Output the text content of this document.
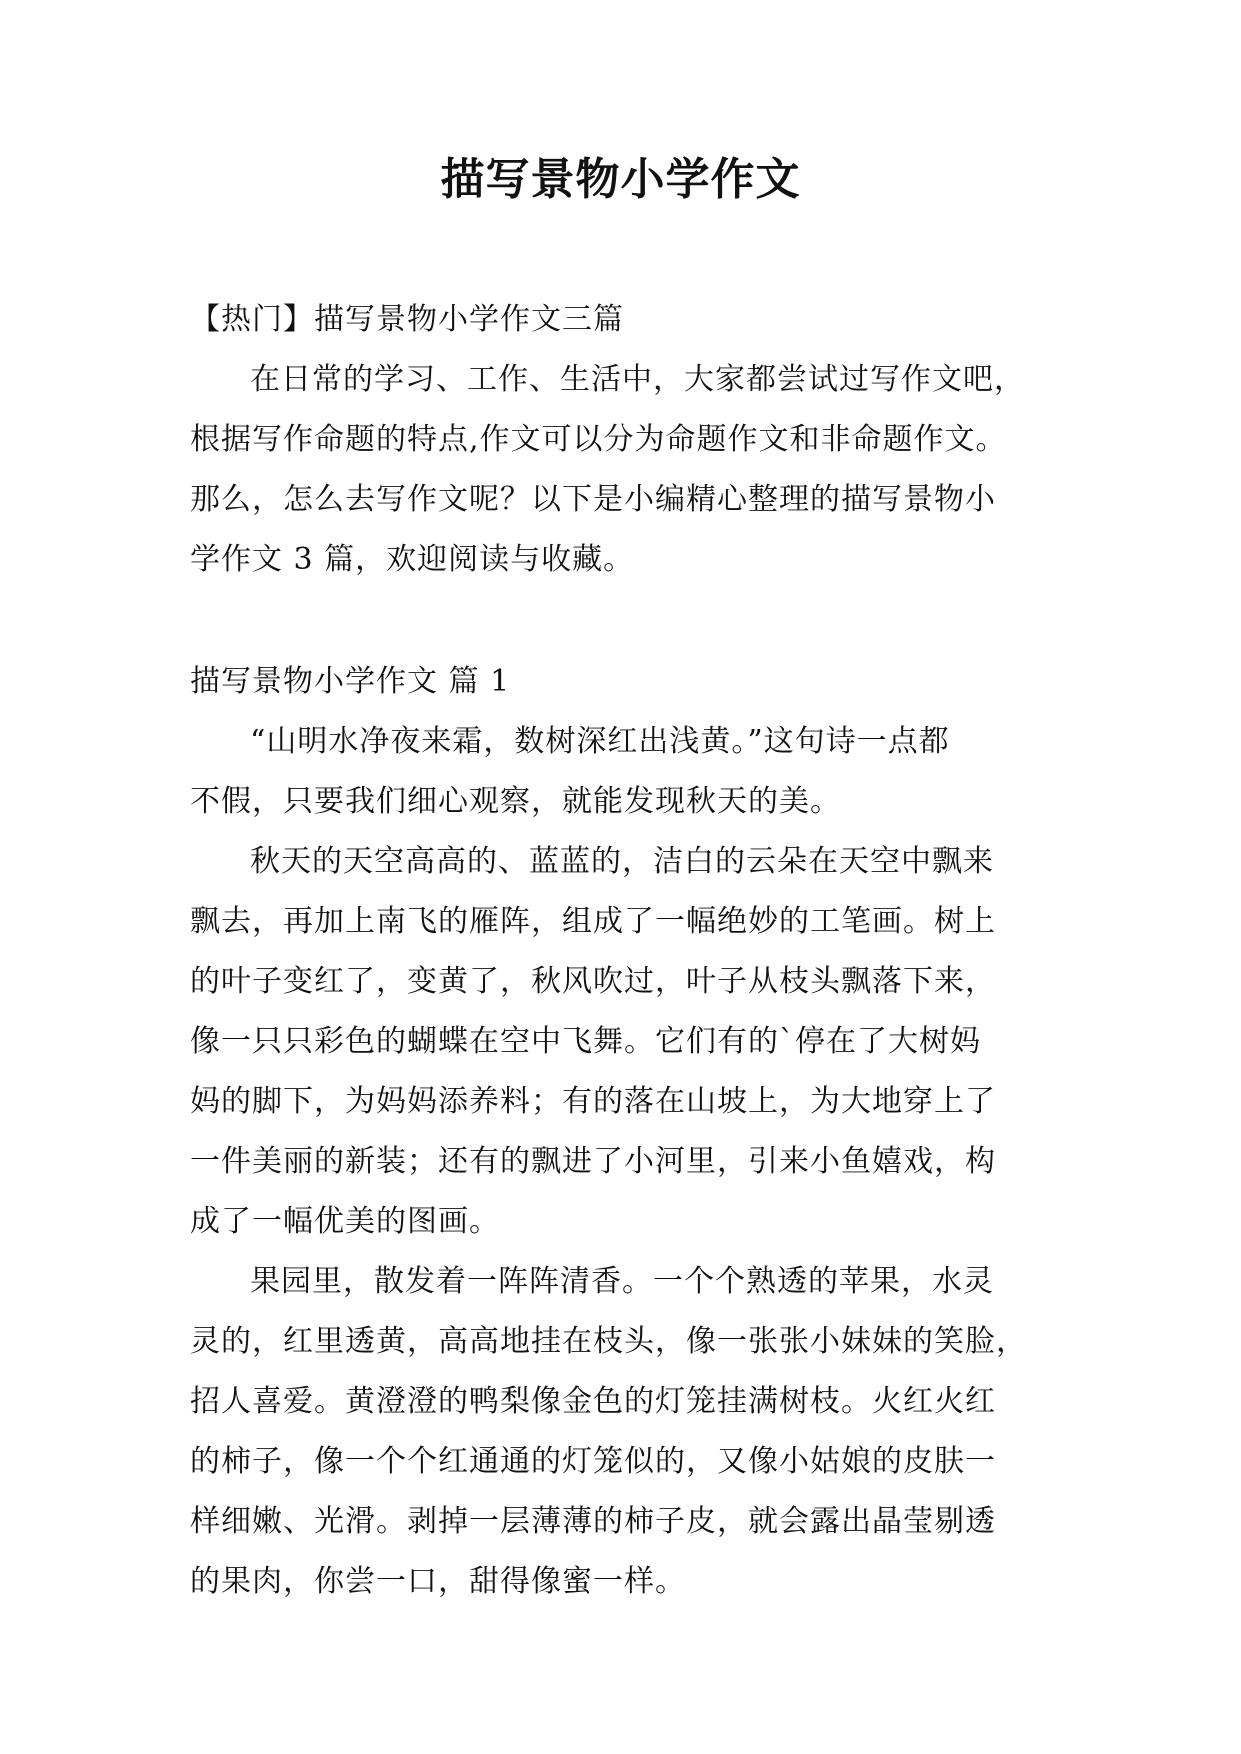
描写景物小学作文
【热门】描写景物小学作文三篇
在日常的学习、工作、生活中，大家都尝试过写作文吧，
根据写作命题的特点,作文可以分为命题作文和非命题作文。
那么，怎么去写作文呢？以下是小编精心整理的描写景物小
学作文 3 篇，欢迎阅读与收藏。
描写景物小学作文 篇 1
“山明水净夜来霜，数树深红出浅黄。”这句诗一点都
不假，只要我们细心观察，就能发现秋天的美。
秋天的天空高高的、蓝蓝的，洁白的云朵在天空中飘来
飘去，再加上南飞的雁阵，组成了一幅绝妙的工笔画。树上
的叶子变红了，变黄了，秋风吹过，叶子从枝头飘落下来，
像一只只彩色的蝴蝶在空中飞舞。它们有的`停在了大树妈
妈的脚下，为妈妈添养料；有的落在山坡上，为大地穿上了
一件美丽的新装；还有的飘进了小河里，引来小鱼嬉戏，构
成了一幅优美的图画。
果园里，散发着一阵阵清香。一个个熟透的苹果，水灵
灵的，红里透黄，高高地挂在枝头，像一张张小妹妹的笑脸，
招人喜爱。黄澄澄的鸭梨像金色的灯笼挂满树枝。火红火红
的柿子，像一个个红通通的灯笼似的，又像小姑娘的皮肤一
样细嫩、光滑。剥掉一层薄薄的柿子皮，就会露出晶莹剔透
的果肉，你尝一口，甜得像蜜一样。
